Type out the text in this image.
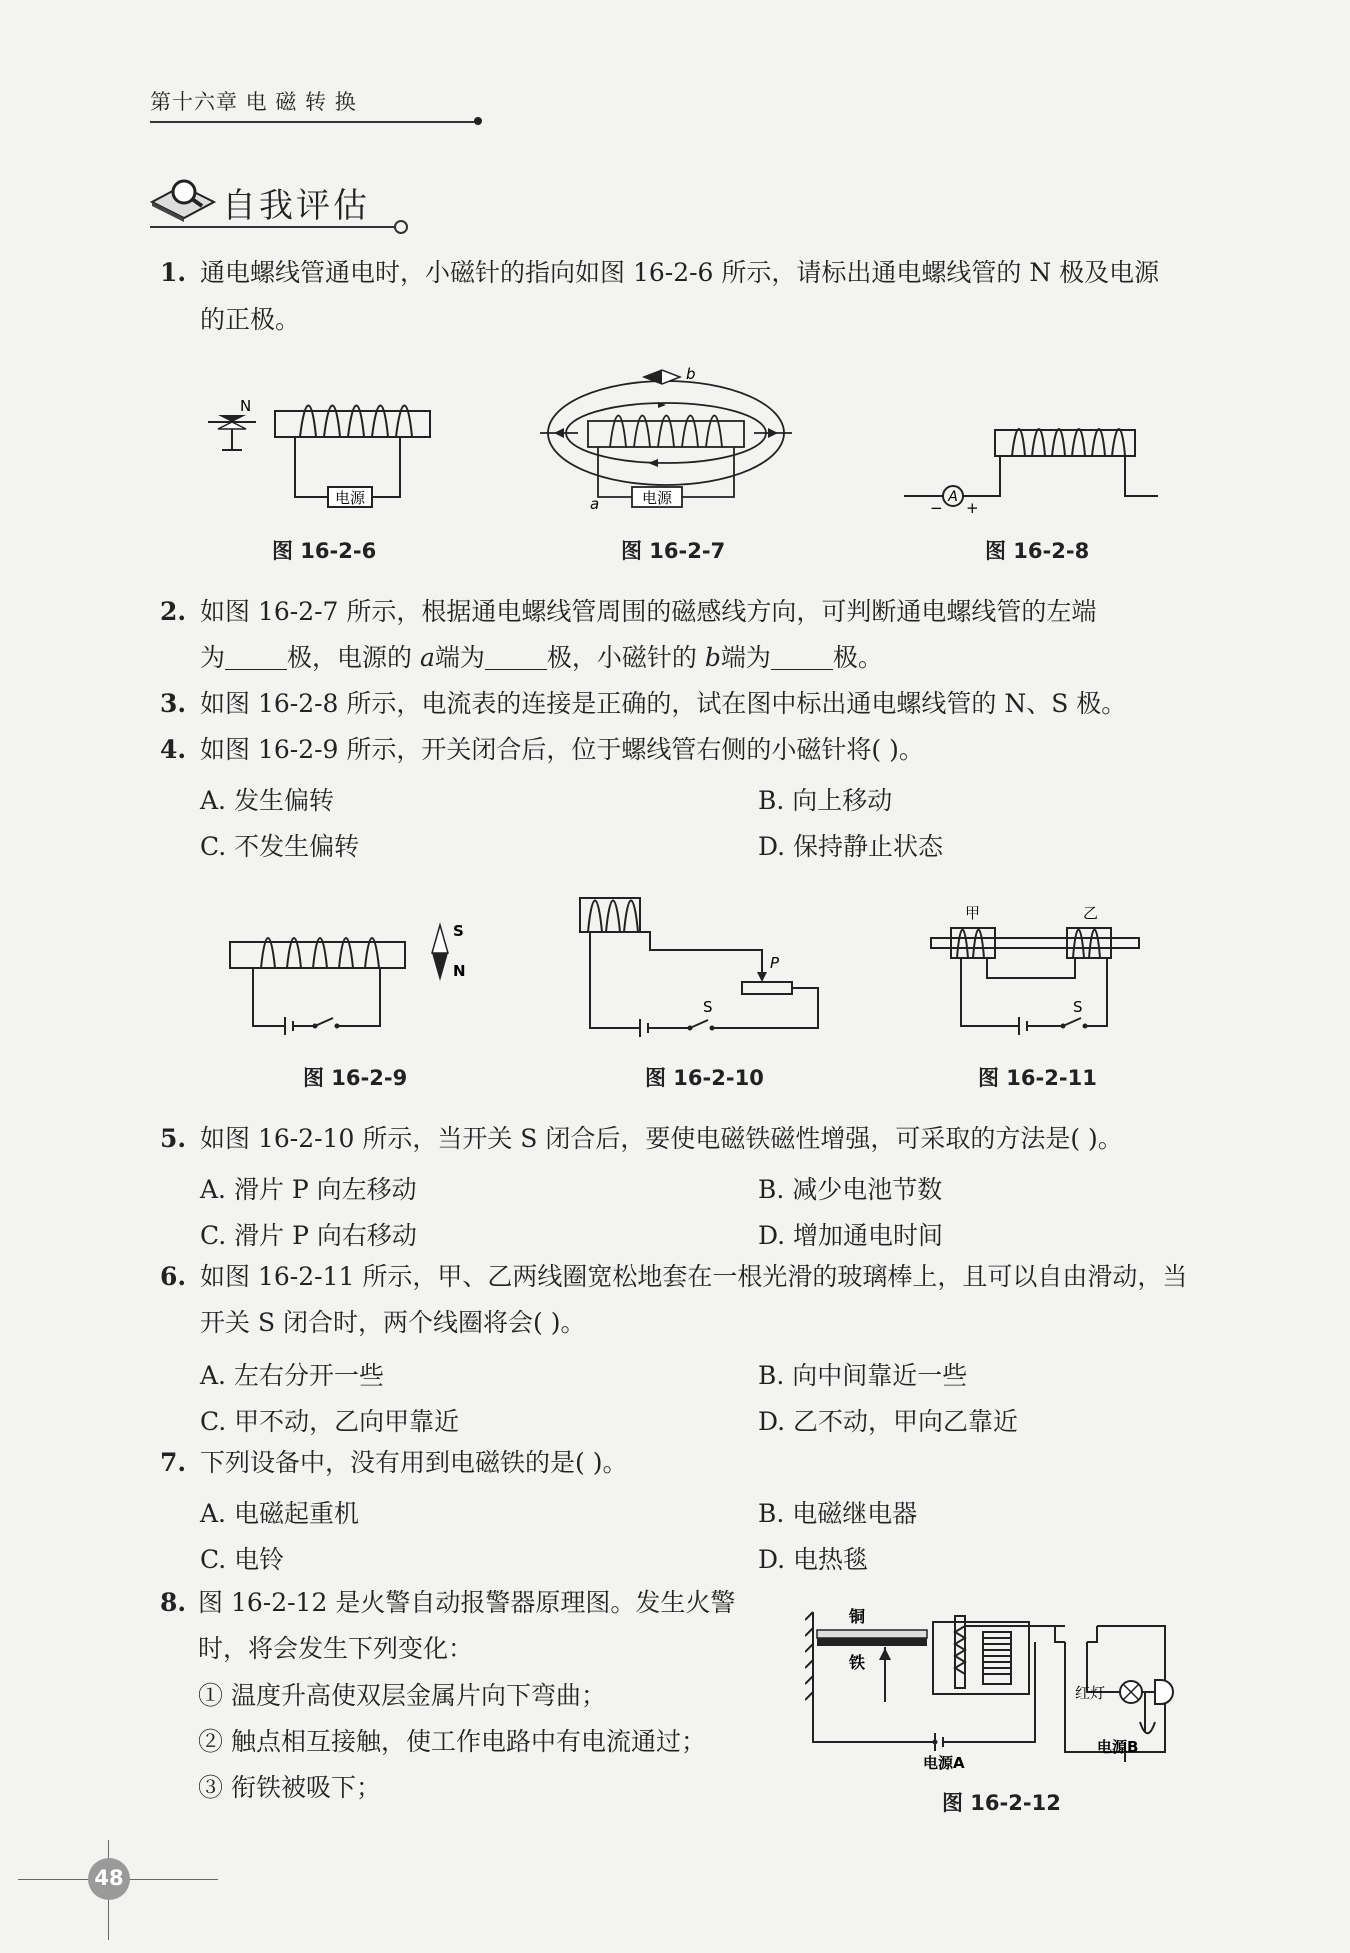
第十六章 电 磁 转 换
自我评估
1. 通电螺线管通电时，小磁针的指向如图 16-2-6 所示，请标出通电螺线管的 N 极及电源
的正极。
电源
N
图 16-2-6
b
电源
a
图 16-2-7
A
− +
图 16-2-8
2. 如图 16-2-7 所示，根据通电螺线管周围的磁感线方向，可判断通电螺线管的左端
为 极，电源的 a端为 极，小磁针的 b端为 极。
3. 如图 16-2-8 所示，电流表的连接是正确的，试在图中标出通电螺线管的 N、S 极。
4. 如图 16-2-9 所示，开关闭合后，位于螺线管右侧的小磁针将( )。
A. 发生偏转	B. 向上移动
C. 不发生偏转	D. 保持静止状态
S
N
图 16-2-9
P
S
图 16-2-10
甲	乙
S
图 16-2-11
5. 如图 16-2-10 所示，当开关 S 闭合后，要使电磁铁磁性增强，可采取的方法是( )。
A. 滑片 P 向左移动	B. 减少电池节数
C. 滑片 P 向右移动	D. 增加通电时间
6. 如图 16-2-11 所示，甲、乙两线圈宽松地套在一根光滑的玻璃棒上，且可以自由滑动，当
开关 S 闭合时，两个线圈将会( )。
A. 左右分开一些	B. 向中间靠近一些
C. 甲不动，乙向甲靠近	D. 乙不动，甲向乙靠近
7. 下列设备中，没有用到电磁铁的是( )。
A. 电磁起重机	B. 电磁继电器
C. 电铃	D. 电热毯
8. 图 16-2-12 是火警自动报警器原理图。发生火警
时，将会发生下列变化：
① 温度升高使双层金属片向下弯曲；
② 触点相互接触，使工作电路中有电流通过；
③ 衔铁被吸下；
铜
铁
红灯
电源A
电源B
图 16-2-12
48
